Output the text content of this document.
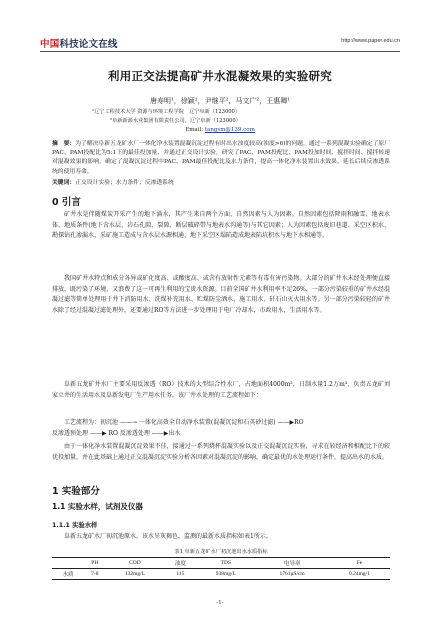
中国科技论文在线	http://www.paper.edu.cn
利用正交法提高矿井水混凝效果的实验研究
唐寿明¹，徐颖¹，尹继平²，马文广²，王惠卿¹
¹辽宁工程技术大学 资源与环境工程学院　辽宁阜新（123000）
²阜新新源水业集团有限责任公司，辽宁阜新（123000）
Email: tangsm@139.com
摘　要：为了解决阜新五龙矿水厂一体化净水装置混凝沉淀过程有时出水浊度较高(浊度>6)的问题，通过一系列混凝实验确定了原厂PAC、PAM投配比为5:1下的最佳投加量，并通过正交设计实验，研究了PAC、PAM投配比、PAM投加时间、搅拌时间、搅拌转速对混凝效果的影响，确定了混凝沉淀过程中PAC、PAM最佳投配比及水力条件，提高一体化净水装置出水效果，延长后续反渗透系统的使用寿命。
关键词：正交设计实验；水力条件；反渗透系统
0 引言
矿井水是伴随煤炭开采产生的地下涌水，其产生来自两个方面，自然因素与人为因素。自然因素包括降雨和融雪、地表水体、地质条件(地下含水层、岩石孔隙、裂隙、断层破碎带与地表水沟通等)与其它因素；人为因素包括废旧巷道、采空区积水、勘探钻孔渗漏水、采矿施工造成与含水层水源相通、地下采空区塌陷造成地表陷坑积水与地下水相通等。
我国矿井水特点和成分各异或矿化度高、或酸度高、或含有放射性元素等有毒有害污染物。大部分的矿井水未经处理便直接排放，既污染了环境，又浪费了这一可再生利用的宝贵水资源。目前全国矿井水利用率不足26%，一部分污染较重的矿井水经混凝过滤等简单处理用于井下消防用水、洗煤补充用水、贮煤防尘洒水、施工用水、矸石山灭火用水等。另一部分污染较轻的矿井水除了经过混凝过滤处理外，还要通过RO等方法进一步处理用于电厂冷却水，市政用水，生活用水等。
阜新五龙矿井水厂主要采用反渗透（RO）技术的大型综合性水厂，占地面积4000m²，日制水量1.2万m³，负责五龙矿刘家立井的生活用水及阜新发电厂生产用水任务。该厂井水处理的工艺流程如下：
工艺流程为：初沉池 ——→ 一体化高效全自动净水装置(混凝沉淀和石英砂过滤) ——▶RO
反渗透预处理 ——▶ RO 反渗透处理 ——▶出水
由于一体化净水装置混凝沉淀效果不佳，接通过一系列烧杯混凝实验以及正交混凝沉淀实验，寻求在较经济和相配比下的较优投加量，并在此基础上通过正交混凝沉淀实验分析各因素对混凝沉淀的影响，确定最优的水处理运行条件，提高出水的水质。
1 实验部分
1.1 实验水样，试剂及仪器
1.1.1 实验水样
阜新五龙矿水厂初沉池原水，该水呈灰褐色，监测的最新水质指标如表1所示。
表1 阜新五龙矿水厂初沉池出水水质指标
	PH	COD	浊度	TDS	电导率	Fe
水质	7-8	132mg/L	115	938mg/L	1761μS/cm	0.24mg/1
-1-
